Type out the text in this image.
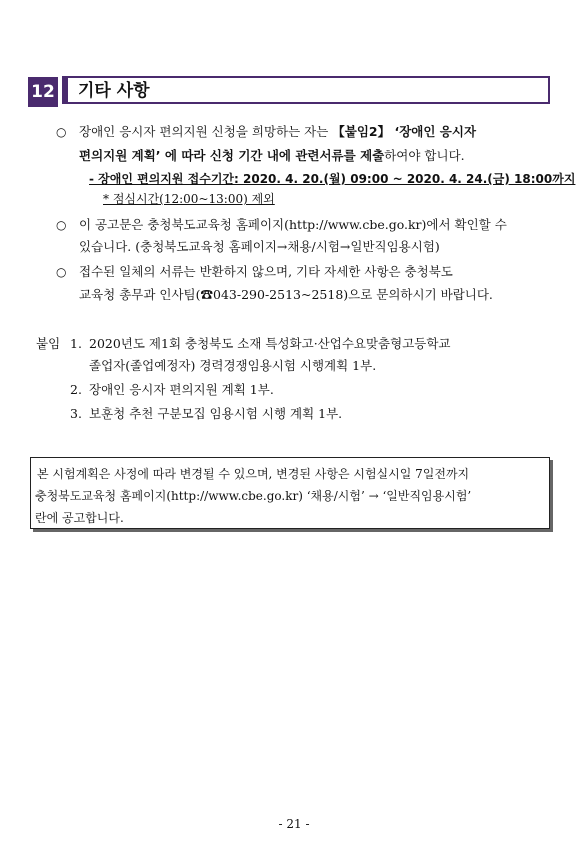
12 기타 사항
○ 장애인 응시자 편의지원 신청을 희망하는 자는 【붙임2】 ‘장애인 응시자
편의지원 계획’ 에 따라 신청 기간 내에 관련서류를 제출하여야 합니다.
- 장애인 편의지원 접수기간: 2020. 4. 20.(월) 09:00 ~ 2020. 4. 24.(금) 18:00까지
* 점심시간(12:00~13:00) 제외
○ 이 공고문은 충청북도교육청 홈페이지(http://www.cbe.go.kr)에서 확인할 수
있습니다. (충청북도교육청 홈페이지→채용/시험→일반직임용시험)
○ 접수된 일체의 서류는 반환하지 않으며, 기타 자세한 사항은 충청북도
교육청 총무과 인사팀(☎043-290-2513~2518)으로 문의하시기 바랍니다.
붙임 1. 2020년도 제1회 충청북도 소재 특성화고·산업수요맞춤형고등학교
졸업자(졸업예정자) 경력경쟁임용시험 시행계획 1부.
2. 장애인 응시자 편의지원 계획 1부.
3. 보훈청 추천 구분모집 임용시험 시행 계획 1부.
본 시험계획은 사정에 따라 변경될 수 있으며, 변경된 사항은 시험실시일 7일전까지
충청북도교육청 홈페이지(http://www.cbe.go.kr) ‘채용/시험’ → ‘일반직임용시험’
란에 공고합니다.
- 21 -
